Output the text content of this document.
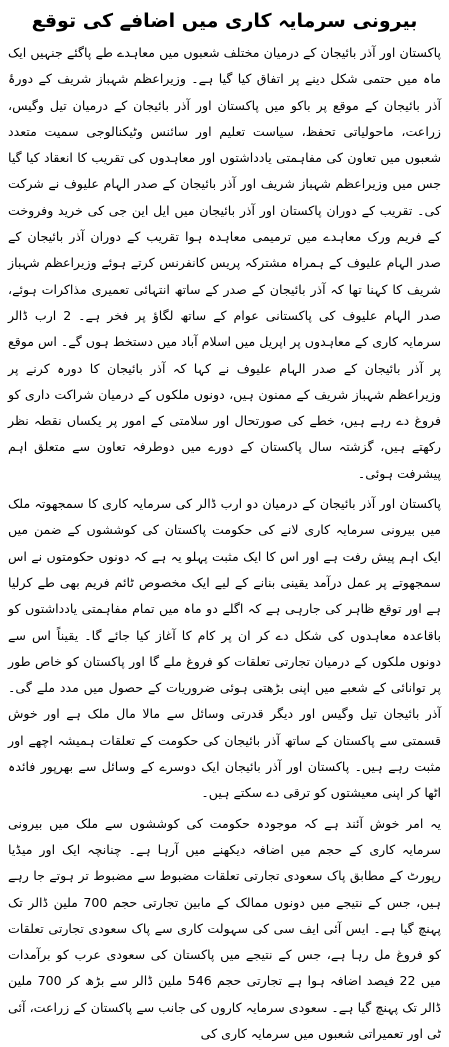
بیرونی سرمایہ کاری میں اضافے کی توقع

پاکستان اور آذر بائیجان کے درمیان مختلف شعبوں میں معاہدے طے پاگئے جنہیں ایک ماہ میں حتمی شکل دینے پر اتفاق کیا گیا ہے۔ وزیراعظم شہباز شریف کے دورۂ آذر بائیجان کے موقع پر باکو میں پاکستان اور آذر بائیجان کے درمیان تیل وگیس، زراعت، ماحولیاتی تحفظ، سیاست تعلیم اور سائنس وٹیکنالوجی سمیت متعدد شعبوں میں تعاون کی مفاہمتی یادداشتوں اور معاہدوں کی تقریب کا انعقاد کیا گیا جس میں وزیراعظم شہباز شریف اور آذر بائیجان کے صدر الہام علیوف نے شرکت کی۔ تقریب کے دوران پاکستان اور آذر بائیجان میں ایل این جی کی خرید وفروخت کے فریم ورک معاہدے میں ترمیمی معاہدہ ہوا تقریب کے دوران آذر بائیجان کے صدر الہام علیوف کے ہمراہ مشترکہ پریس کانفرنس کرتے ہوئے وزیراعظم شہباز شریف کا کہنا تھا کہ آذر بائیجان کے صدر کے ساتھ انتہائی تعمیری مذاکرات ہوئے، صدر الہام علیوف کی پاکستانی عوام کے ساتھ لگاؤ پر فخر ہے۔ 2 ارب ڈالر سرمایہ کاری کے معاہدوں پر اپریل میں اسلام آباد میں دستخط ہوں گے۔ اس موقع پر آذر بائیجان کے صدر الہام علیوف نے کہا کہ آذر بائیجان کا دورہ کرنے پر وزیراعظم شہباز شریف کے ممنون ہیں، دونوں ملکوں کے درمیان شراکت داری کو فروغ دے رہے ہیں، خطے کی صورتحال اور سلامتی کے امور پر یکساں نقطہ نظر رکھتے ہیں، گزشتہ سال پاکستان کے دورے میں دوطرفہ تعاون سے متعلق اہم پیشرفت ہوئی۔

پاکستان اور آذر بائیجان کے درمیان دو ارب ڈالر کی سرمایہ کاری کا سمجھوتہ ملک میں بیرونی سرمایہ کاری لانے کی حکومت پاکستان کی کوششوں کے ضمن میں ایک اہم پیش رفت ہے اور اس کا ایک مثبت پہلو یہ ہے کہ دونوں حکومتوں نے اس سمجھوتے پر عمل درآمد یقینی بنانے کے لیے ایک مخصوص ٹائم فریم بھی طے کرلیا ہے اور توقع ظاہر کی جارہی ہے کہ اگلے دو ماہ میں تمام مفاہمتی یادداشتوں کو باقاعدہ معاہدوں کی شکل دے کر ان پر کام کا آغاز کیا جائے گا۔ یقیناً اس سے دونوں ملکوں کے درمیان تجارتی تعلقات کو فروغ ملے گا اور پاکستان کو خاص طور پر توانائی کے شعبے میں اپنی بڑھتی ہوئی ضروریات کے حصول میں مدد ملے گی۔ آذر بائیجان تیل وگیس اور دیگر قدرتی وسائل سے مالا مال ملک ہے اور خوش قسمتی سے پاکستان کے ساتھ آذر بائیجان کی حکومت کے تعلقات ہمیشہ اچھے اور مثبت رہے ہیں۔ پاکستان اور آذر بائیجان ایک دوسرے کے وسائل سے بھرپور فائدہ اٹھا کر اپنی معیشتوں کو ترقی دے سکتے ہیں۔

یہ امر خوش آئند ہے کہ موجودہ حکومت کی کوششوں سے ملک میں بیرونی سرمایہ کاری کے حجم میں اضافہ دیکھنے میں آرہا ہے۔ چنانچہ ایک اور میڈیا رپورٹ کے مطابق پاک سعودی تجارتی تعلقات مضبوط سے مضبوط تر ہوتے جا رہے ہیں، جس کے نتیجے میں دونوں ممالک کے مابین تجارتی حجم 700 ملین ڈالر تک پہنچ گیا ہے۔ ایس آئی ایف سی کی سہولت کاری سے پاک سعودی تجارتی تعلقات کو فروغ مل رہا ہے، جس کے نتیجے میں پاکستان کی سعودی عرب کو برآمدات میں 22 فیصد اضافہ ہوا ہے تجارتی حجم 546 ملین ڈالر سے بڑھ کر 700 ملین ڈالر تک پہنچ گیا ہے۔ سعودی سرمایہ کاروں کی جانب سے پاکستان کے زراعت، آئی ٹی اور تعمیراتی شعبوں میں سرمایہ کاری کی
